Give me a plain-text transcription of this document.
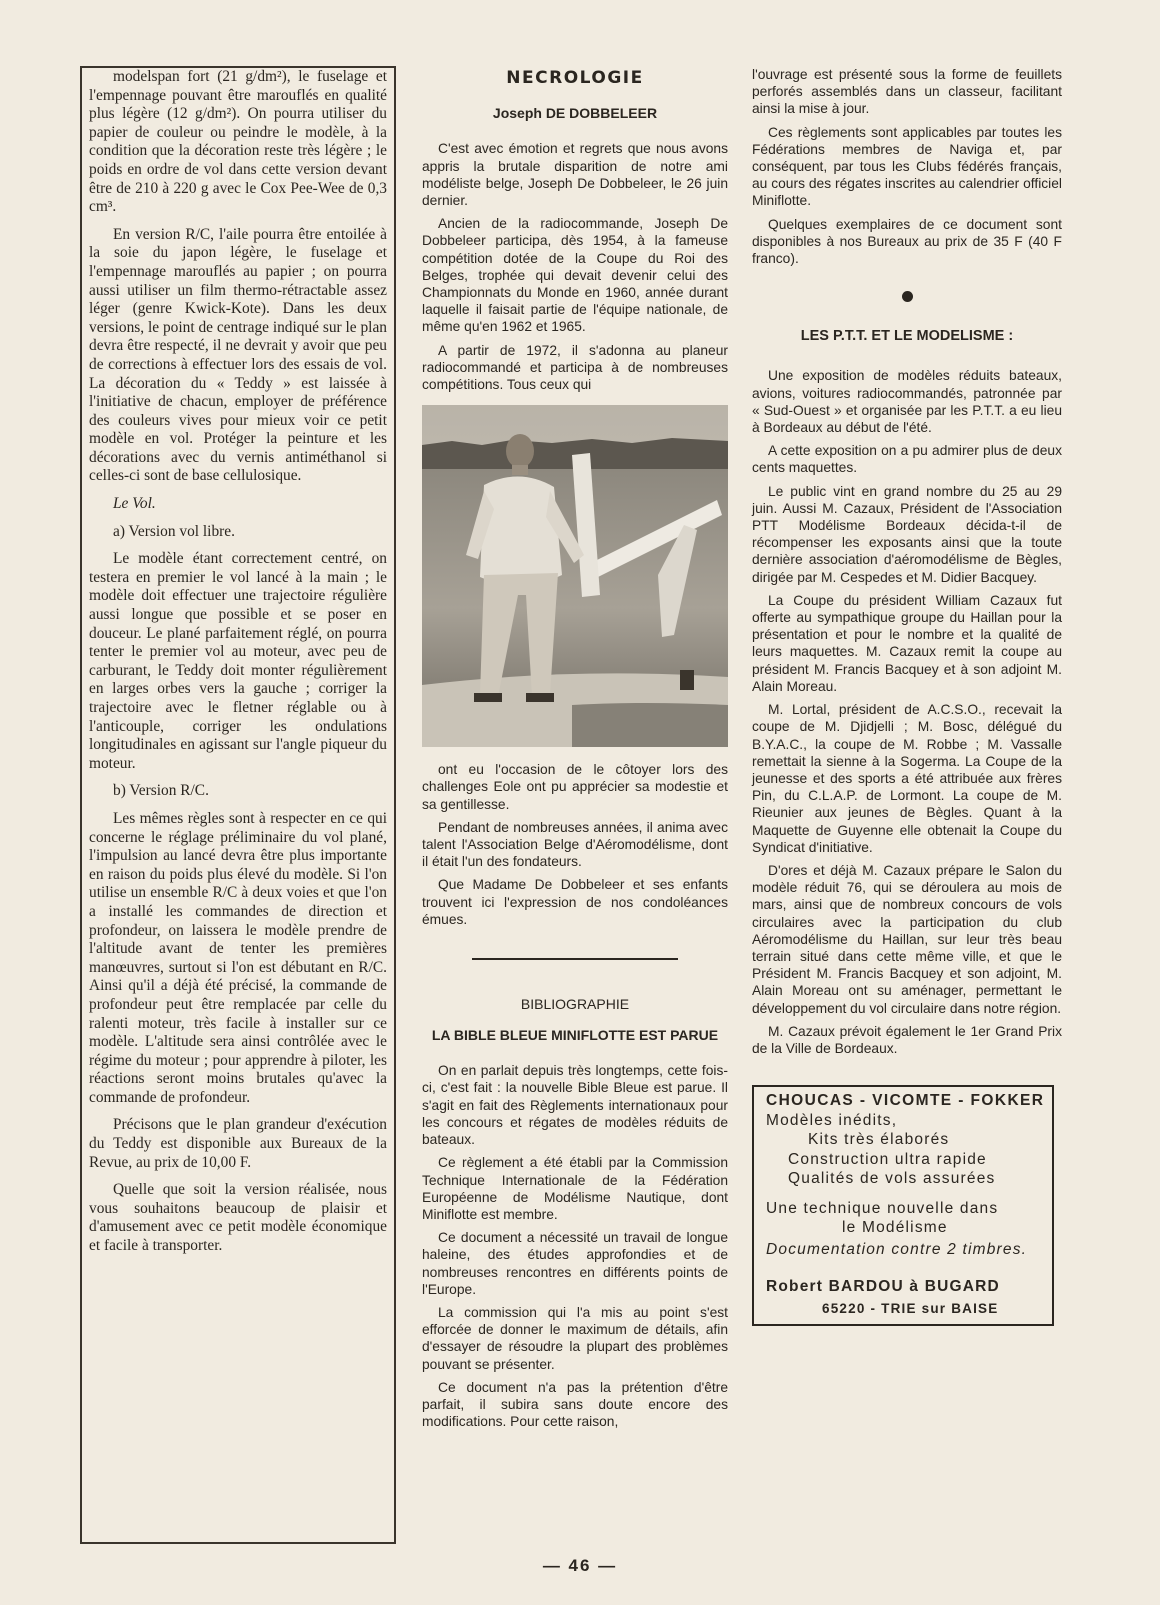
modelspan fort (21 g/dm²), le fuselage et l'empennage pouvant être marouflés en qualité plus légère (12 g/dm²). On pourra utiliser du papier de couleur ou peindre le modèle, à la condition que la décoration reste très légère ; le poids en ordre de vol dans cette version devant être de 210 à 220 g avec le Cox Pee-Wee de 0,3 cm³.

En version R/C, l'aile pourra être entoilée à la soie du japon légère, le fuselage et l'empennage marouflés au papier ; on pourra aussi utiliser un film thermo-rétractable assez léger (genre Kwick-Kote). Dans les deux versions, le point de centrage indiqué sur le plan devra être respecté, il ne devrait y avoir que peu de corrections à effectuer lors des essais de vol. La décoration du « Teddy » est laissée à l'initiative de chacun, employer de préférence des couleurs vives pour mieux voir ce petit modèle en vol. Protéger la peinture et les décorations avec du vernis antiméthanol si celles-ci sont de base cellulosique.

Le Vol.

a) Version vol libre.

Le modèle étant correctement centré, on testera en premier le vol lancé à la main ; le modèle doit effectuer une trajectoire régulière aussi longue que possible et se poser en douceur. Le plané parfaitement réglé, on pourra tenter le premier vol au moteur, avec peu de carburant, le Teddy doit monter régulièrement en larges orbes vers la gauche ; corriger la trajectoire avec le fletner réglable ou à l'anticouple, corriger les ondulations longitudinales en agissant sur l'angle piqueur du moteur.

b) Version R/C.

Les mêmes règles sont à respecter en ce qui concerne le réglage préliminaire du vol plané, l'impulsion au lancé devra être plus importante en raison du poids plus élevé du modèle. Si l'on utilise un ensemble R/C à deux voies et que l'on a installé les commandes de direction et profondeur, on laissera le modèle prendre de l'altitude avant de tenter les premières manœuvres, surtout si l'on est débutant en R/C. Ainsi qu'il a déjà été précisé, la commande de profondeur peut être remplacée par celle du ralenti moteur, très facile à installer sur ce modèle. L'altitude sera ainsi contrôlée avec le régime du moteur ; pour apprendre à piloter, les réactions seront moins brutales qu'avec la commande de profondeur.

Précisons que le plan grandeur d'exécution du Teddy est disponible aux Bureaux de la Revue, au prix de 10,00 F.

Quelle que soit la version réalisée, nous vous souhaitons beaucoup de plaisir et d'amusement avec ce petit modèle économique et facile à transporter.

NECROLOGIE
Joseph DE DOBBELEER

C'est avec émotion et regrets que nous avons appris la brutale disparition de notre ami modéliste belge, Joseph De Dobbeleer, le 26 juin dernier.

Ancien de la radiocommande, Joseph De Dobbeleer participa, dès 1954, à la fameuse compétition dotée de la Coupe du Roi des Belges, trophée qui devait devenir celui des Championnats du Monde en 1960, année durant laquelle il faisait partie de l'équipe nationale, de même qu'en 1962 et 1965.

A partir de 1972, il s'adonna au planeur radiocommandé et participa à de nombreuses compétitions. Tous ceux qui

ont eu l'occasion de le côtoyer lors des challenges Eole ont pu apprécier sa modestie et sa gentillesse.

Pendant de nombreuses années, il anima avec talent l'Association Belge d'Aéromodélisme, dont il était l'un des fondateurs.

Que Madame De Dobbeleer et ses enfants trouvent ici l'expression de nos condoléances émues.

BIBLIOGRAPHIE
LA BIBLE BLEUE MINIFLOTTE EST PARUE

On en parlait depuis très longtemps, cette fois-ci, c'est fait : la nouvelle Bible Bleue est parue. Il s'agit en fait des Règlements internationaux pour les concours et régates de modèles réduits de bateaux.

Ce règlement a été établi par la Commission Technique Internationale de la Fédération Européenne de Modélisme Nautique, dont Miniflotte est membre.

Ce document a nécessité un travail de longue haleine, des études approfondies et de nombreuses rencontres en différents points de l'Europe.

La commission qui l'a mis au point s'est efforcée de donner le maximum de détails, afin d'essayer de résoudre la plupart des problèmes pouvant se présenter.

Ce document n'a pas la prétention d'être parfait, il subira sans doute encore des modifications. Pour cette raison,

l'ouvrage est présenté sous la forme de feuillets perforés assemblés dans un classeur, facilitant ainsi la mise à jour.

Ces règlements sont applicables par toutes les Fédérations membres de Naviga et, par conséquent, par tous les Clubs fédérés français, au cours des régates inscrites au calendrier officiel Miniflotte.

Quelques exemplaires de ce document sont disponibles à nos Bureaux au prix de 35 F (40 F franco).

LES P.T.T. ET LE MODELISME :

Une exposition de modèles réduits bateaux, avions, voitures radiocommandés, patronnée par « Sud-Ouest » et organisée par les P.T.T. a eu lieu à Bordeaux au début de l'été.

A cette exposition on a pu admirer plus de deux cents maquettes.

Le public vint en grand nombre du 25 au 29 juin. Aussi M. Cazaux, Président de l'Association PTT Modélisme Bordeaux décida-t-il de récompenser les exposants ainsi que la toute dernière association d'aéromodélisme de Bègles, dirigée par M. Cespedes et M. Didier Bacquey.

La Coupe du président William Cazaux fut offerte au sympathique groupe du Haillan pour la présentation et pour le nombre et la qualité de leurs maquettes. M. Cazaux remit la coupe au président M. Francis Bacquey et à son adjoint M. Alain Moreau.

M. Lortal, président de A.C.S.O., recevait la coupe de M. Djidjelli ; M. Bosc, délégué du B.Y.A.C., la coupe de M. Robbe ; M. Vassalle remettait la sienne à la Sogerma. La Coupe de la jeunesse et des sports a été attribuée aux frères Pin, du C.L.A.P. de Lormont. La coupe de M. Rieunier aux jeunes de Bègles. Quant à la Maquette de Guyenne elle obtenait la Coupe du Syndicat d'initiative.

D'ores et déjà M. Cazaux prépare le Salon du modèle réduit 76, qui se déroulera au mois de mars, ainsi que de nombreux concours de vols circulaires avec la participation du club Aéromodélisme du Haillan, sur leur très beau terrain situé dans cette même ville, et que le Président M. Francis Bacquey et son adjoint, M. Alain Moreau ont su aménager, permettant le développement du vol circulaire dans notre région.

M. Cazaux prévoit également le 1er Grand Prix de la Ville de Bordeaux.

CHOUCAS - VICOMTE - FOKKER
Modèles inédits,
Kits très élaborés
Construction ultra rapide
Qualités de vols assurées
Une technique nouvelle dans
le Modélisme
Documentation contre 2 timbres.
Robert BARDOU à BUGARD
65220 - TRIE sur BAISE
— 46 —
